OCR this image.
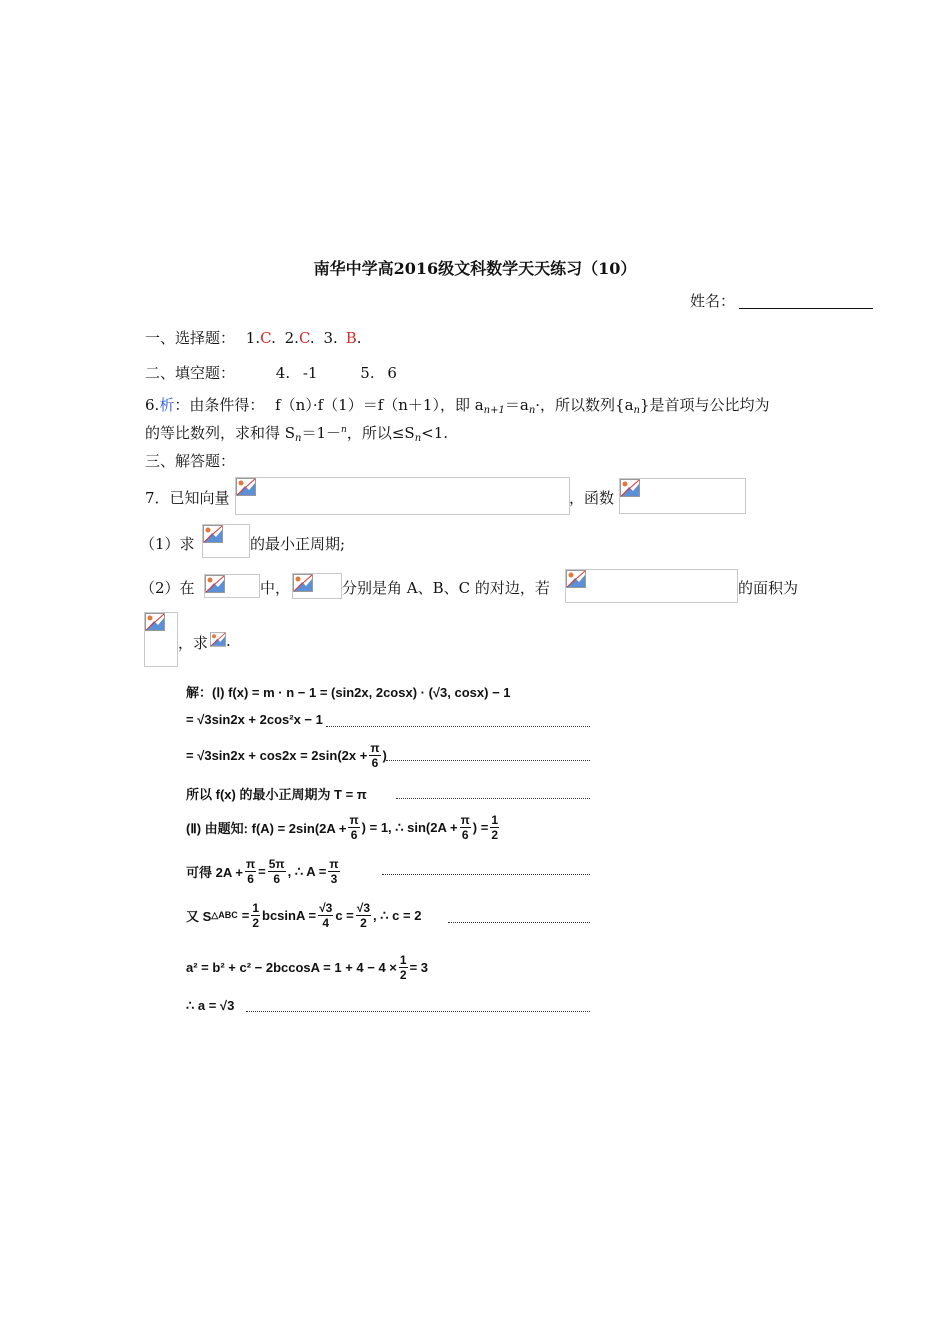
南华中学高2016级文科数学天天练习（10）
姓名：
一、选择题： 1.C. 2.C. 3. B.
二、填空题：	4. -1	5. 6
6.析：由条件得： f（n）·f（1）＝f（n＋1），即 $a_{n+1}=a_n\cdot$，所以数列$\{a_n\}$是首项与公比均为
的等比数列，求和得 $S_n=1-^n$，所以$\le S_n<1$.
三、解答题：
7．已知向量	，函数
（1）求	的最小正周期;
（2）在	中，	分别是角 A、B、C 的对边，若	的面积为
，求 .
解：(Ⅰ) f(x) = m · n − 1 = (sin2x, 2cosx) · (√3, cosx) − 1
= √3sin2x + 2cos²x − 1
= $√3\sin 2x + \cos 2x = 2\sin(2x + \frac{\pi}{6}$ )
所以 f(x) 的最小正周期为 T = π
(Ⅱ) 由题知: $f(A) = 2\sin(2A + \frac{\pi}{6}$ ) = 1, ∴ $\sin(2A + \frac{\pi}{6}$ ) = $\frac{1}{2}$
可得 $2A + \frac{\pi}{6} = \frac{5\pi}{6}$ , ∴ $A = \frac{\pi}{3}$
又 S △ABC = $\frac{1}{2}$ $bcsinA = \frac{√3}{4}$ $c = \frac{√3}{2}$ , ∴ c = 2
$a^2 = b^2 + c^2 - 2bccosA = 1 + 4 - 4 \times \frac{1}{2} = 3$
∴ a = √3
